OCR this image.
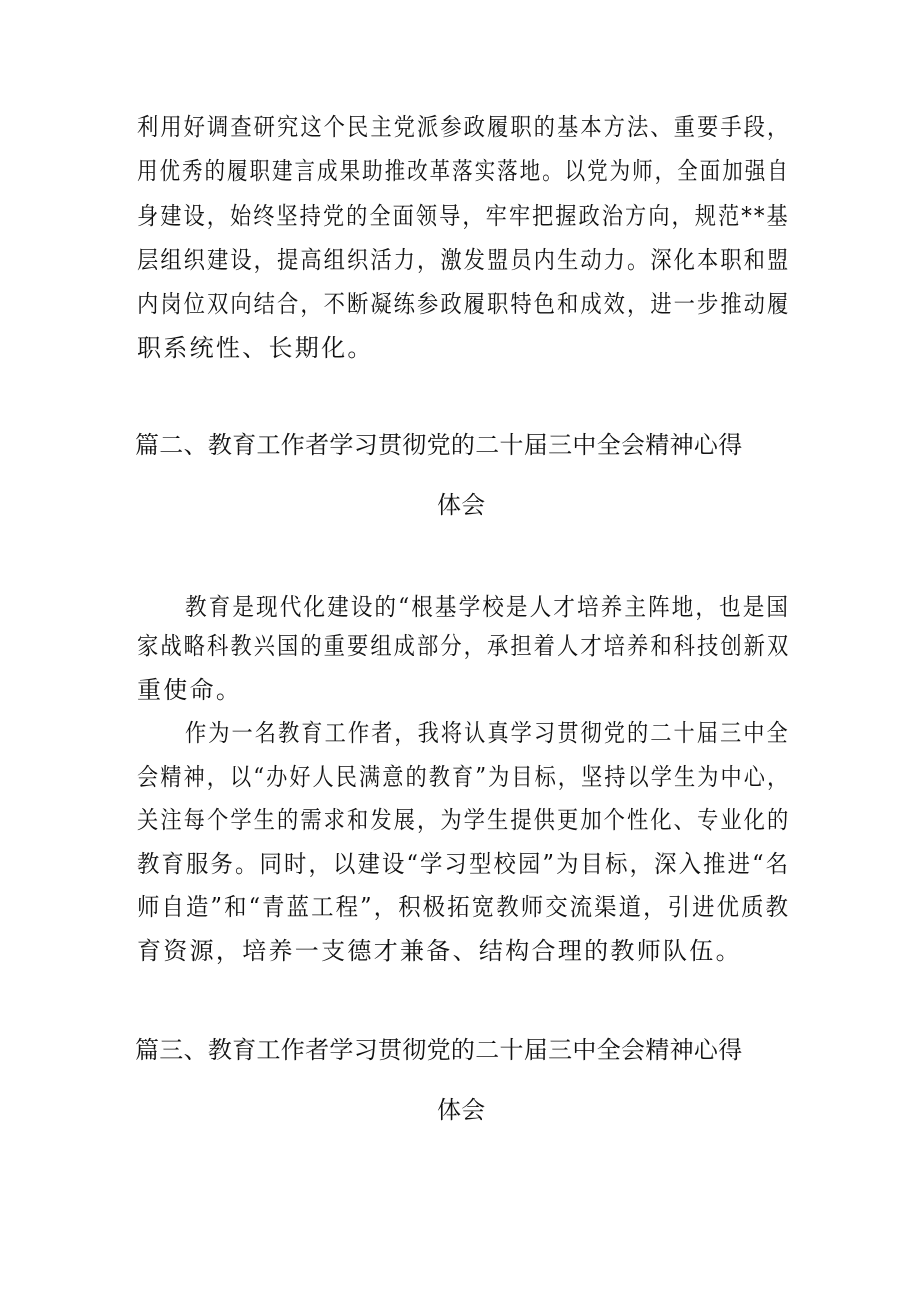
利用好调查研究这个民主党派参政履职的基本方法、重要手段，
用优秀的履职建言成果助推改革落实落地。以党为师，全面加强自
身建设，始终坚持党的全面领导，牢牢把握政治方向，规范**基
层组织建设，提高组织活力，激发盟员内生动力。深化本职和盟
内岗位双向结合，不断凝练参政履职特色和成效，进一步推动履
职系统性、长期化。
篇二、教育工作者学习贯彻党的二十届三中全会精神心得
体会
教育是现代化建设的“根基学校是人才培养主阵地，也是国
家战略科教兴国的重要组成部分，承担着人才培养和科技创新双
重使命。
作为一名教育工作者，我将认真学习贯彻党的二十届三中全
会精神，以“办好人民满意的教育”为目标，坚持以学生为中心，
关注每个学生的需求和发展，为学生提供更加个性化、专业化的
教育服务。同时，以建设“学习型校园”为目标，深入推进“名
师自造”和“青蓝工程”，积极拓宽教师交流渠道，引进优质教
育资源，培养一支德才兼备、结构合理的教师队伍。
篇三、教育工作者学习贯彻党的二十届三中全会精神心得
体会
